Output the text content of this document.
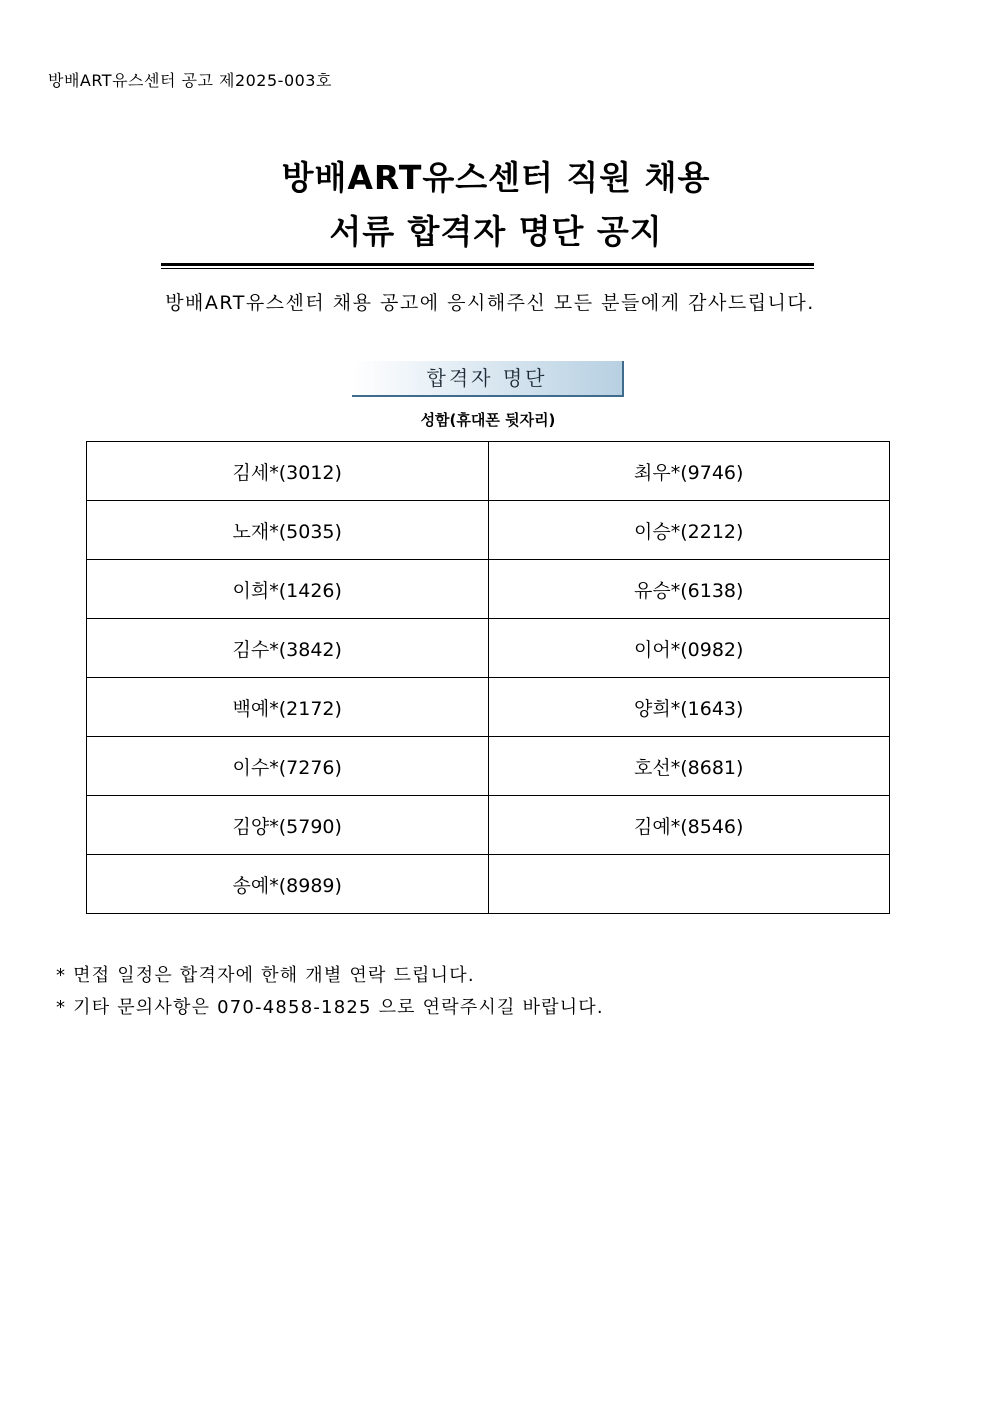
방배ART유스센터 공고 제2025-003호
방배ART유스센터 직원 채용
서류 합격자 명단 공지
방배ART유스센터 채용 공고에 응시해주신 모든 분들에게 감사드립니다.
합격자 명단
성함(휴대폰 뒷자리)
김세*(3012)	최우*(9746)
노재*(5035)	이승*(2212)
이희*(1426)	유승*(6138)
김수*(3842)	이어*(0982)
백예*(2172)	양희*(1643)
이수*(7276)	호선*(8681)
김양*(5790)	김예*(8546)
송예*(8989)	
* 면접 일정은 합격자에 한해 개별 연락 드립니다.
* 기타 문의사항은 070-4858-1825 으로 연락주시길 바랍니다.
